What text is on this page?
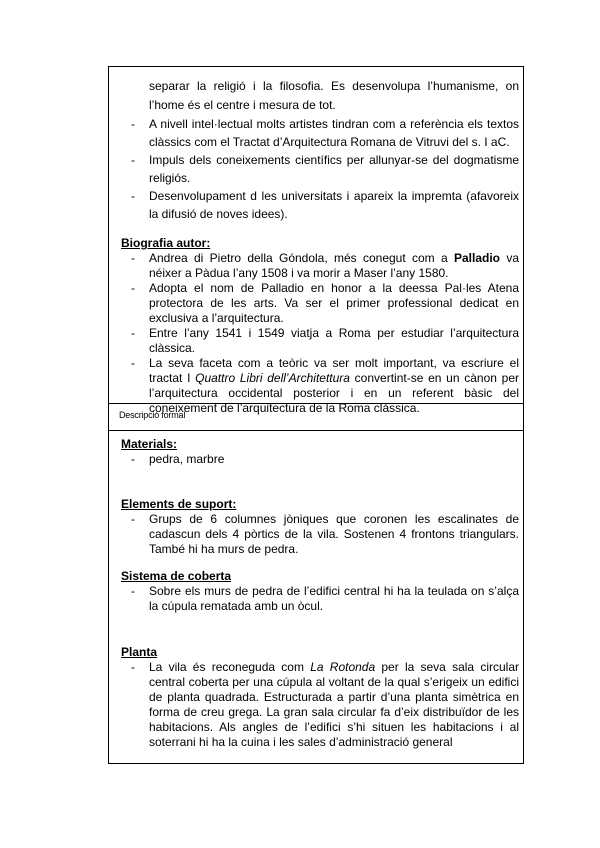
separar la religió i la filosofia. Es desenvolupa l’humanisme, on l’home és el centre i mesura de tot.
- A nivell intel·lectual molts artistes tindran com a referència els textos clàssics com el Tractat d’Arquitectura Romana de Vitruvi del s. I aC.
- Impuls dels coneixements científics per allunyar-se del dogmatisme religiós.
- Desenvolupament d les universitats i apareix la impremta (afavoreix la difusió de noves idees).
Biografia autor:
- Andrea di Pietro della Góndola, més conegut com a Palladio va néixer a Pàdua l’any 1508 i va morir a Maser l’any 1580.
- Adopta el nom de Palladio en honor a la deessa Pal·les Atena protectora de les arts. Va ser el primer professional dedicat en exclusiva a l’arquitectura.
- Entre l’any 1541 i 1549 viatja a Roma per estudiar l’arquitectura clàssica.
- La seva faceta com a teòric va ser molt important, va escriure el tractat I Quattro Libri dell’Architettura convertint-se en un cànon per l’arquitectura occidental posterior i en un referent bàsic del coneixement de l’arquitectura de la Roma clàssica.
Descripció formal
Materials:
- pedra, marbre
Elements de suport:
- Grups de 6 columnes jòniques que coronen les escalinates de cadascun dels 4 pòrtics de la vila. Sostenen 4 frontons triangulars. També hi ha murs de pedra.
Sistema de coberta
- Sobre els murs de pedra de l’edifici central hi ha la teulada on s’alça la cúpula rematada amb un òcul.
Planta
- La vila és reconeguda com La Rotonda per la seva sala circular central coberta per una cúpula al voltant de la qual s’erigeix un edifici de planta quadrada. Estructurada a partir d’una planta simètrica en forma de creu grega. La gran sala circular fa d’eix distribuïdor de les habitacions. Als angles de l’edifici s’hi situen les habitacions i al soterrani hi ha la cuina i les sales d’administració general
